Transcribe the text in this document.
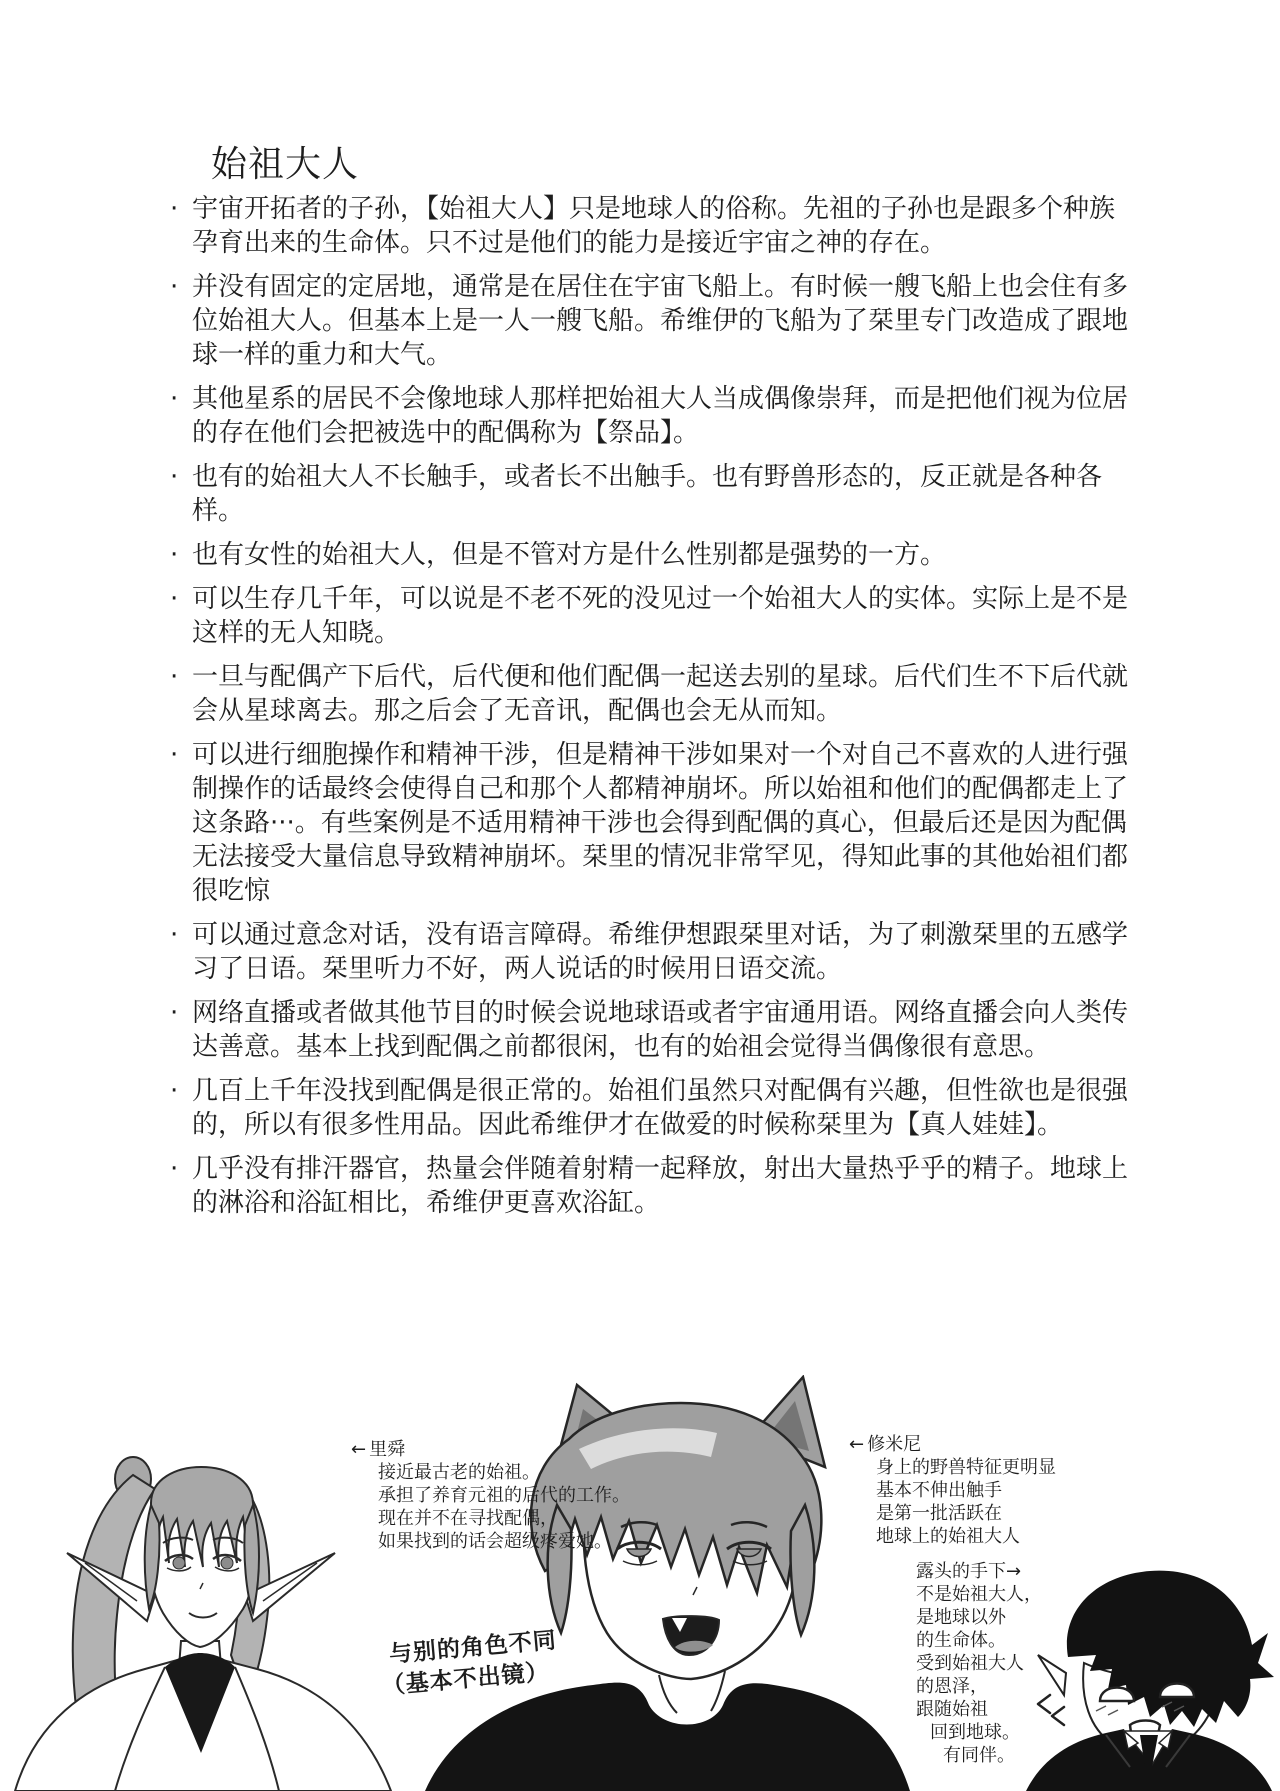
始祖大人
· 宇宙开拓者的子孙，【始祖大人】只是地球人的俗称。先祖的子孙也是跟多个种族孕育出来的生命体。只不过是他们的能力是接近宇宙之神的存在。
· 并没有固定的定居地，通常是在居住在宇宙飞船上。有时候一艘飞船上也会住有多位始祖大人。但基本上是一人一艘飞船。希维伊的飞船为了栞里专门改造成了跟地球一样的重力和大气。
· 其他星系的居民不会像地球人那样把始祖大人当成偶像崇拜，而是把他们视为位居的存在他们会把被选中的配偶称为【祭品】。
· 也有的始祖大人不长触手，或者长不出触手。也有野兽形态的，反正就是各种各样。
· 也有女性的始祖大人，但是不管对方是什么性别都是强势的一方。
· 可以生存几千年，可以说是不老不死的没见过一个始祖大人的实体。实际上是不是这样的无人知晓。
· 一旦与配偶产下后代，后代便和他们配偶一起送去别的星球。后代们生不下后代就会从星球离去。那之后会了无音讯，配偶也会无从而知。
· 可以进行细胞操作和精神干涉，但是精神干涉如果对一个对自己不喜欢的人进行强制操作的话最终会使得自己和那个人都精神崩坏。所以始祖和他们的配偶都走上了这条路···。有些案例是不适用精神干涉也会得到配偶的真心，但最后还是因为配偶无法接受大量信息导致精神崩坏。栞里的情况非常罕见，得知此事的其他始祖们都很吃惊
· 可以通过意念对话，没有语言障碍。希维伊想跟栞里对话，为了刺激栞里的五感学习了日语。栞里听力不好，两人说话的时候用日语交流。
· 网络直播或者做其他节目的时候会说地球语或者宇宙通用语。网络直播会向人类传达善意。基本上找到配偶之前都很闲，也有的始祖会觉得当偶像很有意思。
· 几百上千年没找到配偶是很正常的。始祖们虽然只对配偶有兴趣，但性欲也是很强的，所以有很多性用品。因此希维伊才在做爱的时候称栞里为【真人娃娃】。
· 几乎没有排汗器官，热量会伴随着射精一起释放，射出大量热乎乎的精子。地球上的淋浴和浴缸相比，希维伊更喜欢浴缸。
← 里舜
接近最古老的始祖。
承担了养育元祖的后代的工作。
现在并不在寻找配偶，
如果找到的话会超级疼爱她。
与别的角色不同
（基本不出镜）
← 修米尼
身上的野兽特征更明显
基本不伸出触手
是第一批活跃在
地球上的始祖大人
露头的手下→
不是始祖大人，
是地球以外
的生命体。
受到始祖大人
的恩泽，
跟随始祖
回到地球。
有同伴。
